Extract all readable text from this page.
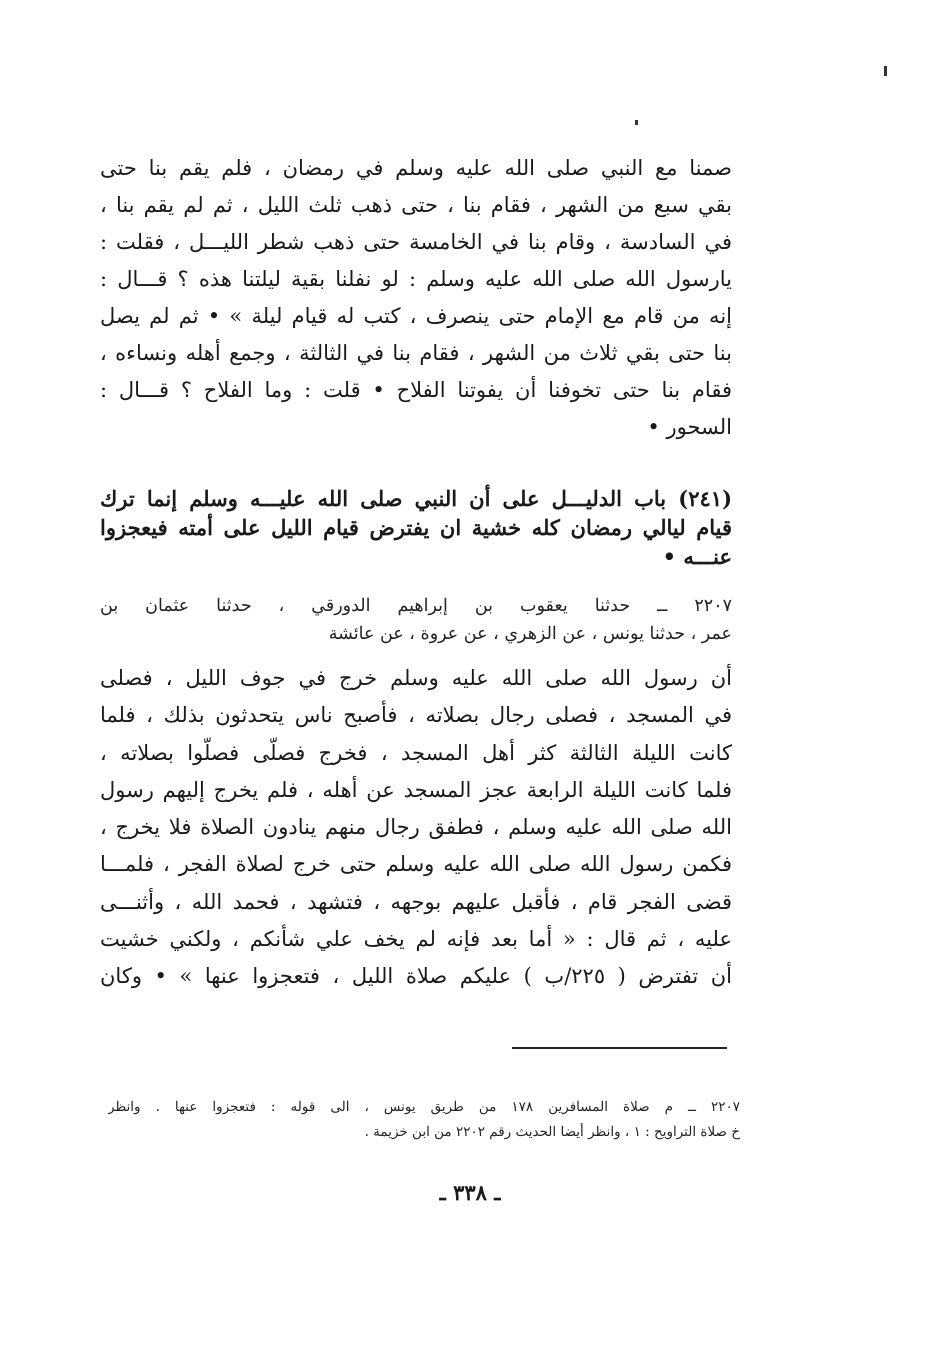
صمنا مع النبي صلى الله عليه وسلم في رمضان ، فلم يقم بنا حتى
بقي سبع من الشهر ، فقام بنا ، حتى ذهب ثلث الليل ، ثم لم يقم بنا ،
في السادسة ، وقام بنا في الخامسة حتى ذهب شطر الليـــل ، فقلت :
يارسول الله صلى الله عليه وسلم : لو نفلنا بقية ليلتنا هذه ؟ قـــال :
إنه من قام مع الإمام حتى ينصرف ، كتب له قيام ليلة » • ثم لم يصل
بنا حتى بقي ثلاث من الشهر ، فقام بنا في الثالثة ، وجمع أهله ونساءه ،
فقام بنا حتى تخوفنا أن يفوتنا الفلاح • قلت : وما الفلاح ؟ قـــال :
السحور •
(٢٤١) باب الدليـــل على أن النبي صلى الله عليـــه وسلم إنما ترك
قيام ليالي رمضان كله خشية ان يفترض قيام الليل على أمته فيعجزوا
عنـــه •
٢٢٠٧ ــ حدثنا يعقوب بن إبراهيم الدورقي ، حدثنا عثمان بن
عمر ، حدثنا يونس ، عن الزهري ، عن عروة ، عن عائشة
أن رسول الله صلى الله عليه وسلم خرج في جوف الليل ، فصلى
في المسجد ، فصلى رجال بصلاته ، فأصبح ناس يتحدثون بذلك ، فلما
كانت الليلة الثالثة كثر أهل المسجد ، فخرج فصلّى فصلّوا بصلاته ،
فلما كانت الليلة الرابعة عجز المسجد عن أهله ، فلم يخرج إليهم رسول
الله صلى الله عليه وسلم ، فطفق رجال منهم ينادون الصلاة فلا يخرج ،
فكمن رسول الله صلى الله عليه وسلم حتى خرج لصلاة الفجر ، فلمـــا
قضى الفجر قام ، فأقبل عليهم بوجهه ، فتشهد ، فحمد الله ، وأثنـــى
عليه ، ثم قال : « أما بعد فإنه لم يخف علي شأنكم ، ولكني خشيت
أن تفترض ( ٢٢٥/ب ) عليكم صلاة الليل ، فتعجزوا عنها » • وكان
٢٢٠٧ ــ م صلاة المسافرين ١٧٨ من طريق يونس ، الى قوله : فتعجزوا عنها . وانظر
خ صلاة التراويح : ١ ، وانظر أيضا الحديث رقم ٢٢٠٢ من ابن خزيمة .
ـ ٣٣٨ ـ
